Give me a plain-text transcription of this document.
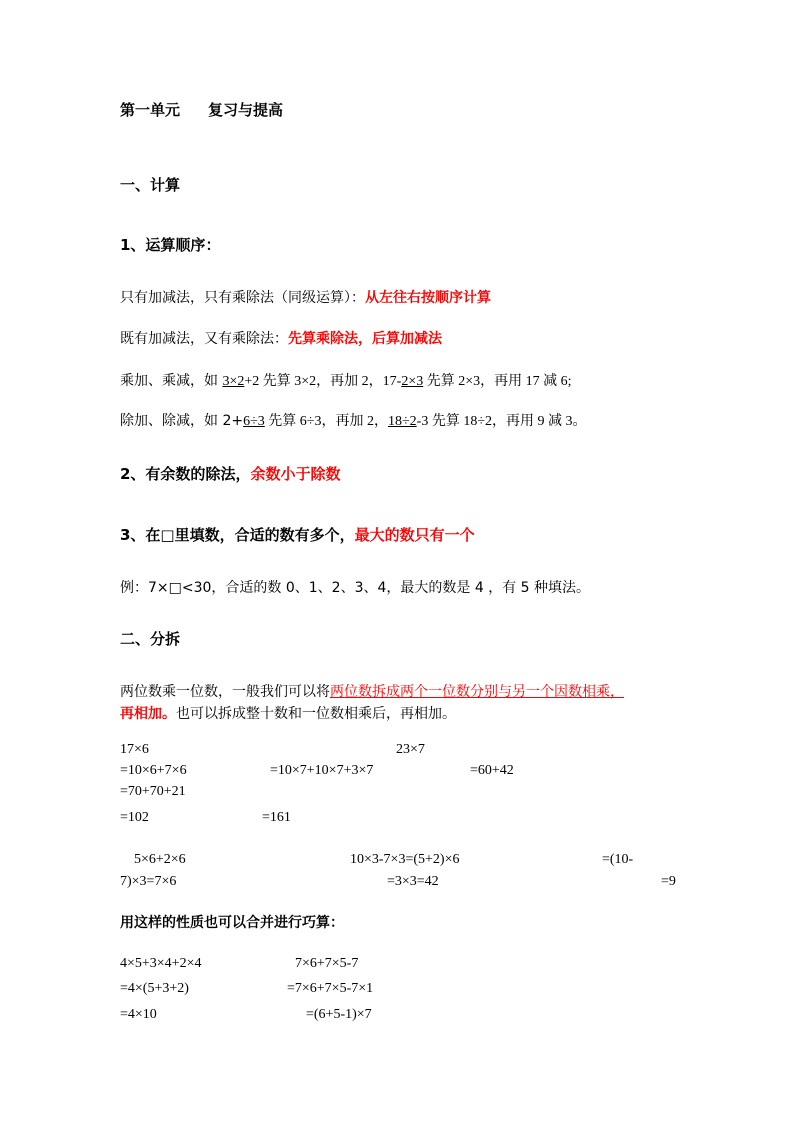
第一单元 复习与提高
一、计算
1、运算顺序：
只有加减法，只有乘除法（同级运算）：从左往右按顺序计算
既有加减法，又有乘除法：先算乘除法，后算加减法
乘加、乘减，如 3×2+2 先算 3×2，再加 2，17-2×3 先算 2×3，再用 17 减 6;
除加、除减，如 2+6÷3 先算 6÷3，再加 2，18÷2-3 先算 18÷2，再用 9 减 3。
2、有余数的除法，余数小于除数
3、在□里填数，合适的数有多个，最大的数只有一个
例：7×□<30，合适的数 0、1、2、3、4，最大的数是 4 ，有 5 种填法。
二、分拆
两位数乘一位数，一般我们可以将两位数拆成两个一位数分别与另一个因数相乘，
再相加。也可以拆成整十数和一位数相乘后，再相加。
17×6	23×7
=10×6+7×6	=10×7+10×7+3×7	=60+42
=70+70+21
=102	=161
5×6+2×6	10×3-7×3=(5+2)×6	=(10-
7)×3=7×6	=3×3=42	=9
用这样的性质也可以合并进行巧算：
4×5+3×4+2×4	7×6+7×5-7
=4×(5+3+2)	=7×6+7×5-7×1
=4×10	=(6+5-1)×7
